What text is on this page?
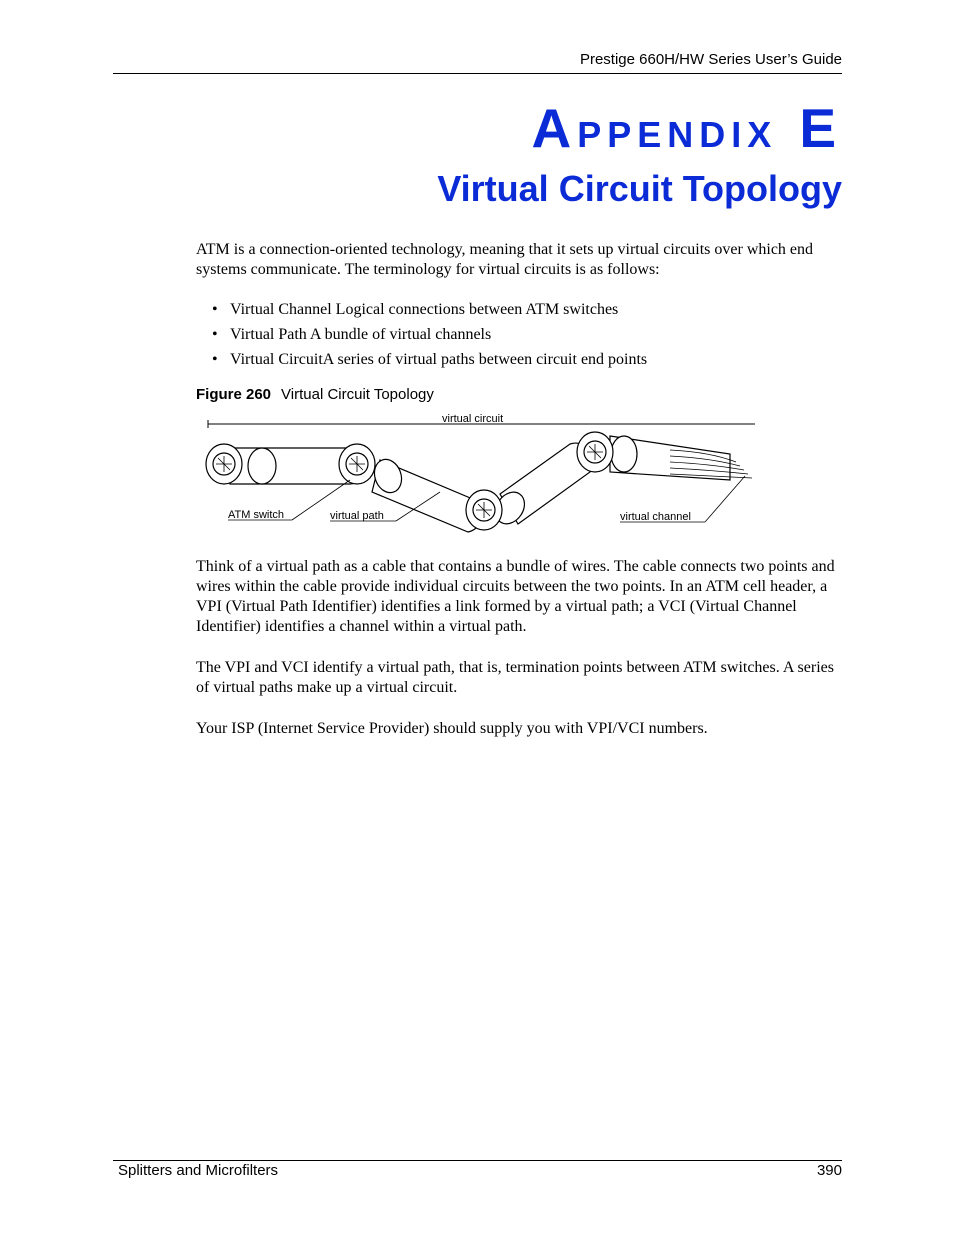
Prestige 660H/HW Series User’s Guide
APPENDIX E
Virtual Circuit Topology
ATM is a connection-oriented technology, meaning that it sets up virtual circuits over which end systems communicate. The terminology for virtual circuits is as follows:
• Virtual Channel Logical connections between ATM switches
• Virtual Path A bundle of virtual channels
• Virtual CircuitA series of virtual paths between circuit end points
Figure 260 Virtual Circuit Topology
virtual circuit
ATM switch	virtual path	virtual channel
Think of a virtual path as a cable that contains a bundle of wires. The cable connects two points and wires within the cable provide individual circuits between the two points. In an ATM cell header, a VPI (Virtual Path Identifier) identifies a link formed by a virtual path; a VCI (Virtual Channel Identifier) identifies a channel within a virtual path.
The VPI and VCI identify a virtual path, that is, termination points between ATM switches. A series of virtual paths make up a virtual circuit.
Your ISP (Internet Service Provider) should supply you with VPI/VCI numbers.
Splitters and Microfilters	390
